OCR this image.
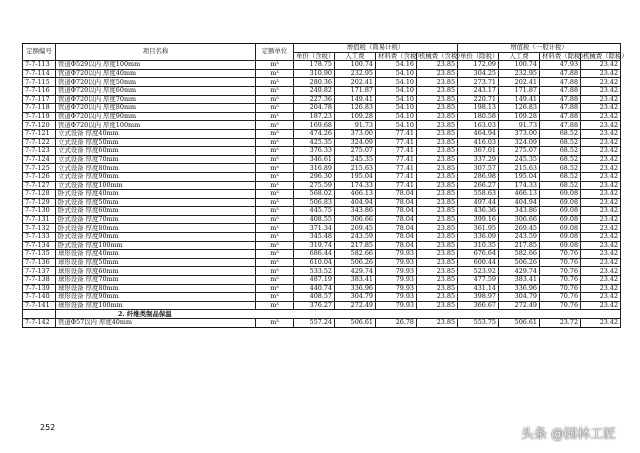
定额编号	项目名称	定额单位	增值税（简易计税）				增值税（一般计税）			
			单价（含税）	人工费	材料费（含税）	机械费（含税）	单价（除税）	人工费	材料费（除税）	机械费（除税）
7-7-113	管道Φ529以内 厚度100mm	m³	178.75	100.74	54.16	23.85	172.09	100.74	47.93	23.42
7-7-114	管道Φ720以内 厚度40mm	m³	310.90	232.95	54.10	23.85	304.25	232.95	47.88	23.42
7-7-115	管道Φ720以内 厚度50mm	m³	280.36	202.41	54.10	23.85	273.71	202.41	47.88	23.42
7-7-116	管道Φ720以内 厚度60mm	m³	249.82	171.87	54.10	23.85	243.17	171.87	47.88	23.42
7-7-117	管道Φ720以内 厚度70mm	m³	227.36	149.41	54.10	23.85	220.71	149.41	47.88	23.42
7-7-118	管道Φ720以内 厚度80mm	m³	204.78	126.83	54.10	23.85	198.13	126.83	47.88	23.42
7-7-119	管道Φ720以内 厚度90mm	m³	187.23	109.28	54.10	23.85	180.58	109.28	47.88	23.42
7-7-120	管道Φ720以内 厚度100mm	m³	169.68	91.73	54.10	23.85	163.03	91.73	47.88	23.42
7-7-121	立式设备 厚度40mm	m³	474.26	373.00	77.41	23.85	464.94	373.00	68.52	23.42
7-7-122	立式设备 厚度50mm	m³	425.35	324.09	77.41	23.85	416.03	324.09	68.52	23.42
7-7-123	立式设备 厚度60mm	m³	376.33	275.07	77.41	23.85	367.01	275.07	68.52	23.42
7-7-124	立式设备 厚度70mm	m³	346.61	245.35	77.41	23.85	337.29	245.35	68.52	23.42
7-7-125	立式设备 厚度80mm	m³	316.89	215.63	77.41	23.85	307.57	215.63	68.52	23.42
7-7-126	立式设备 厚度90mm	m³	296.30	195.04	77.41	23.85	286.98	195.04	68.52	23.42
7-7-127	立式设备 厚度100mm	m³	275.59	174.33	77.41	23.85	266.27	174.33	68.52	23.42
7-7-128	卧式设备 厚度40mm	m³	568.02	466.13	78.04	23.85	558.63	466.13	69.08	23.42
7-7-129	卧式设备 厚度50mm	m³	506.83	404.94	78.04	23.85	497.44	404.94	69.08	23.42
7-7-130	卧式设备 厚度60mm	m³	445.75	343.86	78.04	23.85	436.36	343.86	69.08	23.42
7-7-131	卧式设备 厚度70mm	m³	408.55	306.66	78.04	23.85	399.16	306.66	69.08	23.42
7-7-132	卧式设备 厚度80mm	m³	371.34	269.45	78.04	23.85	361.95	269.45	69.08	23.42
7-7-133	卧式设备 厚度90mm	m³	345.48	243.59	78.04	23.85	336.09	243.59	69.08	23.42
7-7-134	卧式设备 厚度100mm	m³	319.74	217.85	78.04	23.85	310.35	217.85	69.08	23.42
7-7-135	球形设备 厚度40mm	m³	686.44	582.66	79.93	23.85	676.64	582.66	70.76	23.42
7-7-136	球形设备 厚度50mm	m³	610.04	506.26	79.93	23.85	600.44	506.26	70.76	23.42
7-7-137	球形设备 厚度60mm	m³	533.52	429.74	79.93	23.85	523.92	429.74	70.76	23.42
7-7-138	球形设备 厚度70mm	m³	487.19	383.41	79.93	23.85	477.59	383.41	70.76	23.42
7-7-139	球形设备 厚度80mm	m³	440.74	336.96	79.93	23.85	431.14	336.96	70.76	23.42
7-7-140	球形设备 厚度90mm	m³	408.57	304.79	79.93	23.85	398.97	304.79	70.76	23.42
7-7-141	球形设备 厚度100mm	m³	376.27	272.49	79.93	23.85	366.67	272.49	70.76	23.42
	2. 纤维类制品保温									
7-7-142	管道Φ57以内 厚度40mm	m³	557.24	506.61	26.78	23.85	553.75	506.61	23.72	23.42
252	头条 @园林工匠
